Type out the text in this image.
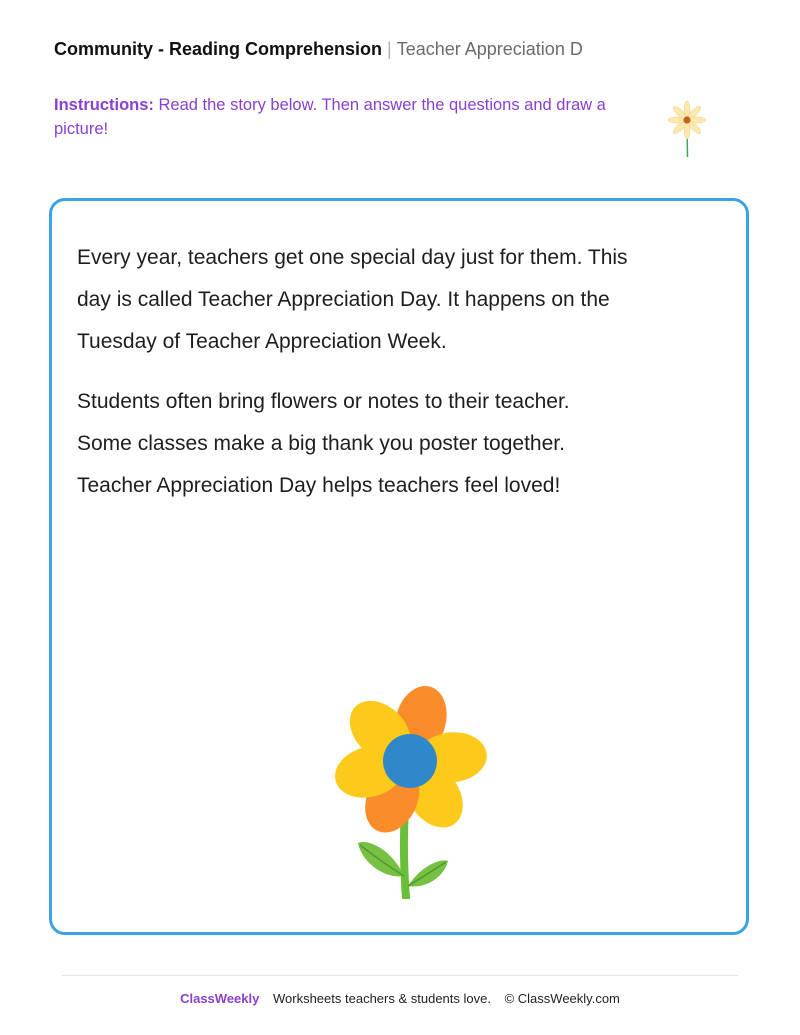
Community - Reading Comprehension | Teacher Appreciation D
Instructions: Read the story below. Then answer the questions and draw a picture!
Every year, teachers get one special day just for them. This
day is called Teacher Appreciation Day. It happens on the
Tuesday of Teacher Appreciation Week.
Students often bring flowers or notes to their teacher.
Some classes make a big thank you poster together.
Teacher Appreciation Day helps teachers feel loved!
ClassWeekly Worksheets teachers & students love. © ClassWeekly.com
